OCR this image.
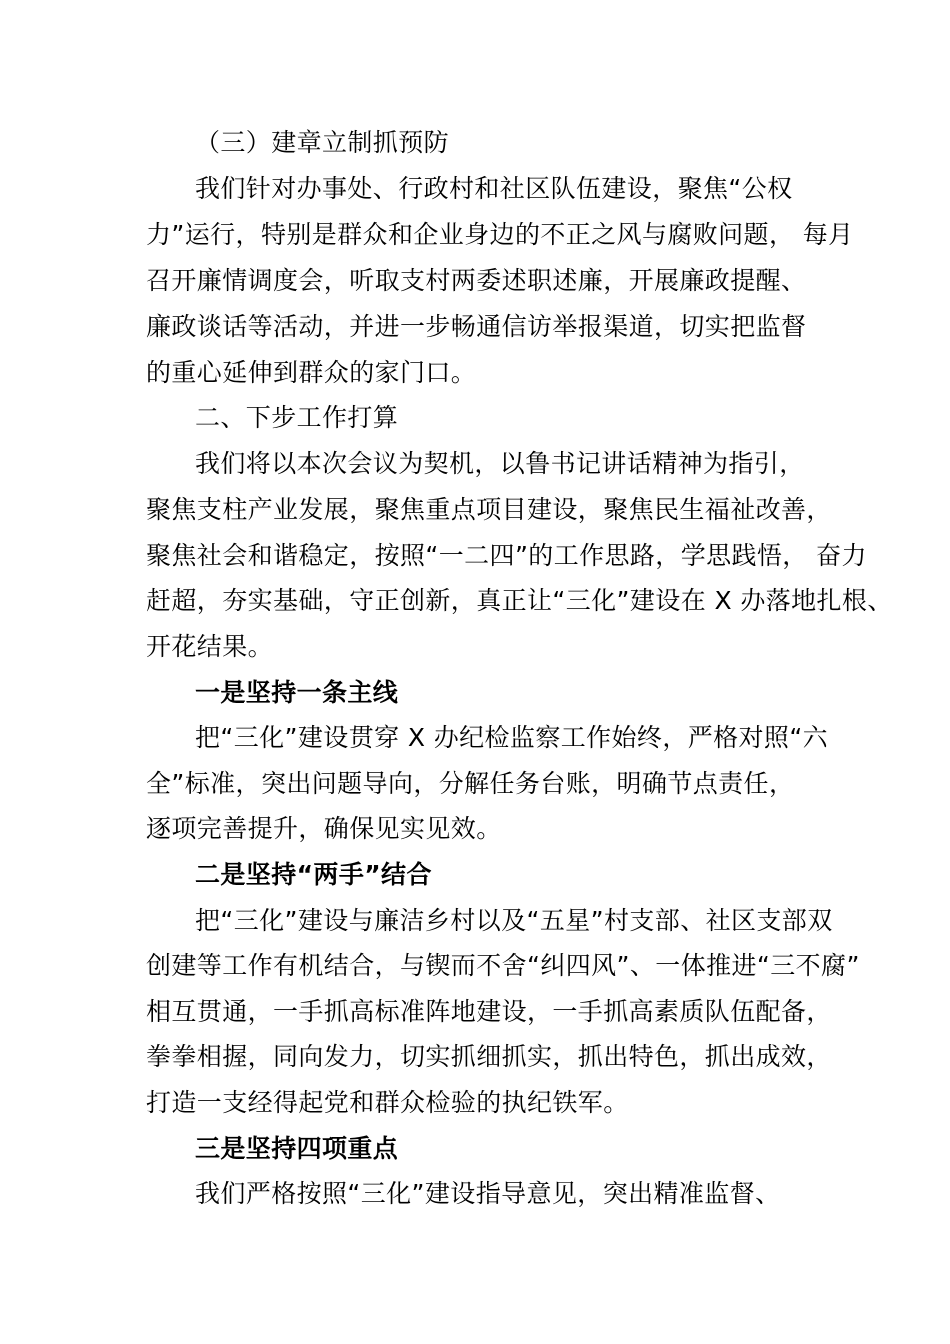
（三）建章立制抓预防
我们针对办事处、行政村和社区队伍建设，聚焦“公权
力”运行，特别是群众和企业身边的不正之风与腐败问题， 每月
召开廉情调度会，听取支村两委述职述廉，开展廉政提醒、
廉政谈话等活动，并进一步畅通信访举报渠道，切实把监督
的重心延伸到群众的家门口。
二、下步工作打算
我们将以本次会议为契机，以鲁书记讲话精神为指引，
聚焦支柱产业发展，聚焦重点项目建设，聚焦民生福祉改善，
聚焦社会和谐稳定，按照“一二四”的工作思路，学思践悟， 奋力
赶超，夯实基础，守正创新，真正让“三化”建设在 X 办落地扎根、
开花结果。
一是坚持一条主线
把“三化”建设贯穿 X 办纪检监察工作始终，严格对照“六
全”标准，突出问题导向，分解任务台账，明确节点责任，
逐项完善提升，确保见实见效。
二是坚持“两手”结合
把“三化”建设与廉洁乡村以及“五星”村支部、社区支部双
创建等工作有机结合，与锲而不舍“纠四风”、一体推进“三不腐”
相互贯通，一手抓高标准阵地建设，一手抓高素质队伍配备，
拳拳相握，同向发力，切实抓细抓实，抓出特色，抓出成效，
打造一支经得起党和群众检验的执纪铁军。
三是坚持四项重点
我们严格按照“三化”建设指导意见，突出精准监督、
